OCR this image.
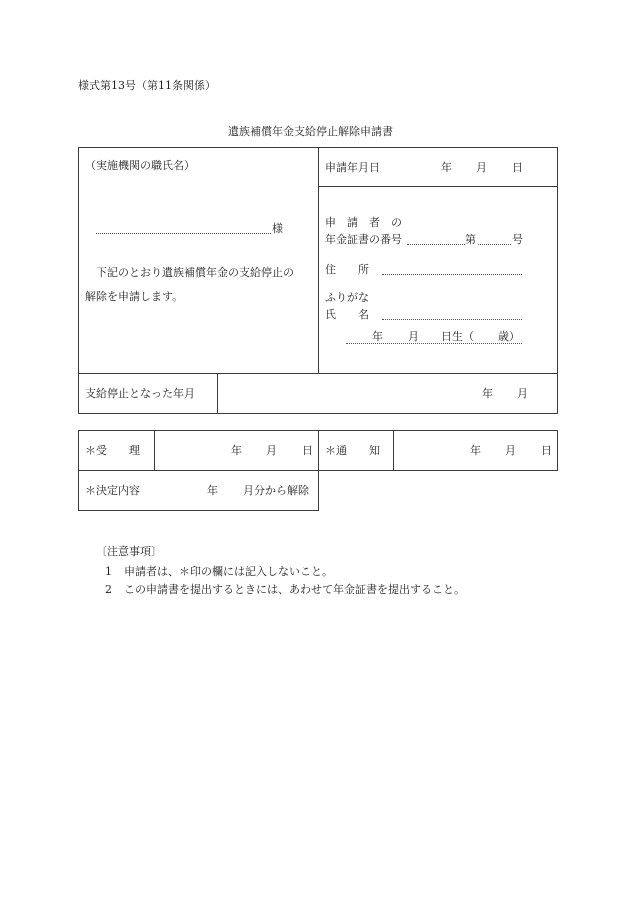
様式第13号（第11条関係）
遺族補償年金支給停止解除申請書
（実施機関の職氏名）
様
下記のとおり遺族補償年金の支給停止の
解除を申請します。
申請年月日	年 月 日
申　請　者　の
年金証書の番号	第	号
住　　所
ふりがな
氏　　名
年 月 日生（ 歳）
支給停止となった年月	年 月
＊受　　理	年 月 日 ＊通　　知	年 月 日
＊決定内容	年 月分から解除
〔注意事項〕
1 申請者は、＊印の欄には記入しないこと。
2 この申請書を提出するときには、あわせて年金証書を提出すること。
